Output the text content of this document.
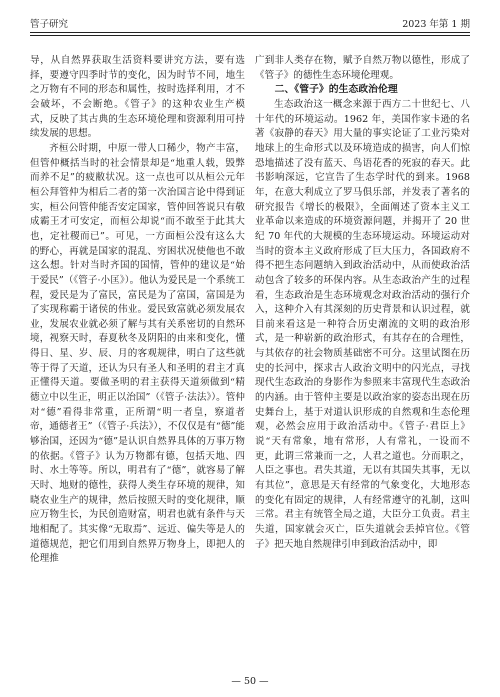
管子研究	2023 年第 1 期

导，从自然界获取生活资料要讲究方法，要有选择，要遵守四季时节的变化，因为时节不同，地生之万物有不同的形态和属性，按时选择利用，才不会破坏，不会断绝。《管子》的这种农业生产模式，反映了其古典的生态环境伦理和资源利用可持续发展的思想。

齐桓公时期，中原一带人口稀少，物产丰富，但管仲概括当时的社会情景却是“地重人载，毁弊而养不足”的疲敝状况。这一点也可以从桓公元年桓公拜管仲为相后二者的第一次治国言论中得到证实，桓公问管仲能否安定国家，管仲回答说只有敬成霸王才可安定，而桓公却说“而不敢至于此其大也，定社稷而已”。可见，一方面桓公没有这么大的野心，再就是国家的混乱、穷困状况使他也不敢这么想。针对当时齐国的国情，管仲的建议是“始于爱民”（《管子·小匡》）。他认为爱民是一个系统工程，爱民是为了富民，富民是为了富国，富国是为了实现称霸于诸侯的伟业。爱民致富就必须发展农业，发展农业就必须了解与其有关系密切的自然环境，视察天时，春夏秋冬及阴阳的由来和变化，懂得日、星、岁、辰、月的客观规律，明白了这些就等于得了天道，还认为只有圣人和圣明的君主才真正懂得天道。要做圣明的君主获得天道须做到“精德立中以生正，明正以治国”（《管子·法法》）。管仲对“德”看得非常重，正所谓“明一者皇，察道者帝，通德者王”（《管子·兵法》），不仅仅是有“德”能够治国，还因为“德”是认识自然界具体的万事万物的依据。《管子》认为万物都有德，包括天地、四时、水土等等。所以，明君有了“德”，就容易了解天时、地财的德性，获得人类生存环境的规律，知晓农业生产的规律，然后按照天时的变化规律，顺应万物生长，为民创造财富，明君也就有条件与天地相配了。其实像“无取焉”、远近、偏失等是人的道德规范，把它们用到自然界万物身上，即把人的伦理推

广到非人类存在物，赋予自然万物以德性，形成了《管子》的德性生态环境伦理观。

二、《管子》的生态政治伦理

生态政治这一概念来源于西方二十世纪七、八十年代的环境运动。1962 年，美国作家卡逊的名著《寂静的春天》用大量的事实论证了工业污染对地球上的生命形式以及环境造成的损害，向人们惊恐地描述了没有蓝天、鸟语花香的死寂的春天。此书影响深远，它宣告了生态学时代的到来。1968 年，在意大利成立了罗马俱乐部，并发表了著名的研究报告《增长的极限》，全面阐述了资本主义工业革命以来造成的环境资源问题，并揭开了 20 世纪 70 年代的大规模的生态环境运动。环境运动对当时的资本主义政府形成了巨大压力，各国政府不得不把生态问题纳入到政治活动中，从而使政治活动包含了较多的环保内容。从生态政治产生的过程看，生态政治是生态环境观念对政治活动的强行介入，这种介入有其深刻的历史背景和认识过程，就目前来看这是一种符合历史潮流的文明的政治形式，是一种崭新的政治形式，有其存在的合理性，与其依存的社会物质基础密不可分。这里试图在历史的长河中，探求古人政治文明中的闪光点，寻找现代生态政治的身影作为参照来丰富现代生态政治的内涵。由于管仲主要是以政治家的姿态出现在历史舞台上，基于对道认识形成的自然观和生态伦理观，必然会应用于政治活动中。《管子·君臣上》说“天有常象，地有常形，人有常礼，一设而不更，此谓三常兼而一之，人君之道也。分而职之，人臣之事也。君失其道，无以有其国失其事，无以有其位”，意思是天有经常的气象变化，大地形态的变化有固定的规律，人有经常遵守的礼制，这叫三常。君主有统管全局之道，大臣分工负责。君主失道，国家就会灭亡，臣失道就会丢掉官位。《管子》把天地自然规律引申到政治活动中，即

— 50 —
